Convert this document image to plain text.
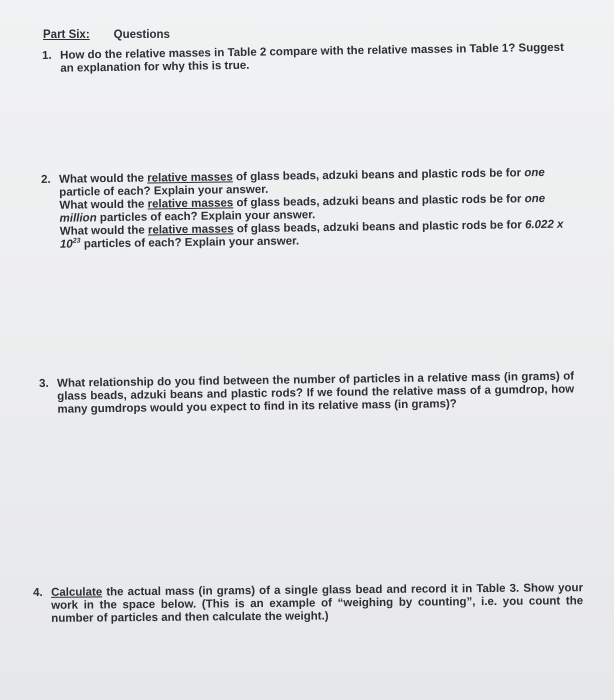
Part Six: Questions
1. How do the relative masses in Table 2 compare with the relative masses in Table 1? Suggest an explanation for why this is true.

2. What would the relative masses of glass beads, adzuki beans and plastic rods be for one particle of each? Explain your answer.

What would the relative masses of glass beads, adzuki beans and plastic rods be for one million particles of each? Explain your answer.

What would the relative masses of glass beads, adzuki beans and plastic rods be for 6.022 x $10^{23}$ particles of each? Explain your answer.

3. What relationship do you find between the number of particles in a relative mass (in grams) of glass beads, adzuki beans and plastic rods? If we found the relative mass of a gumdrop, how many gumdrops would you expect to find in its relative mass (in grams)?

4. Calculate the actual mass (in grams) of a single glass bead and record it in Table 3. Show your work in the space below. (This is an example of “weighing by counting”, i.e. you count the number of particles and then calculate the weight.)
